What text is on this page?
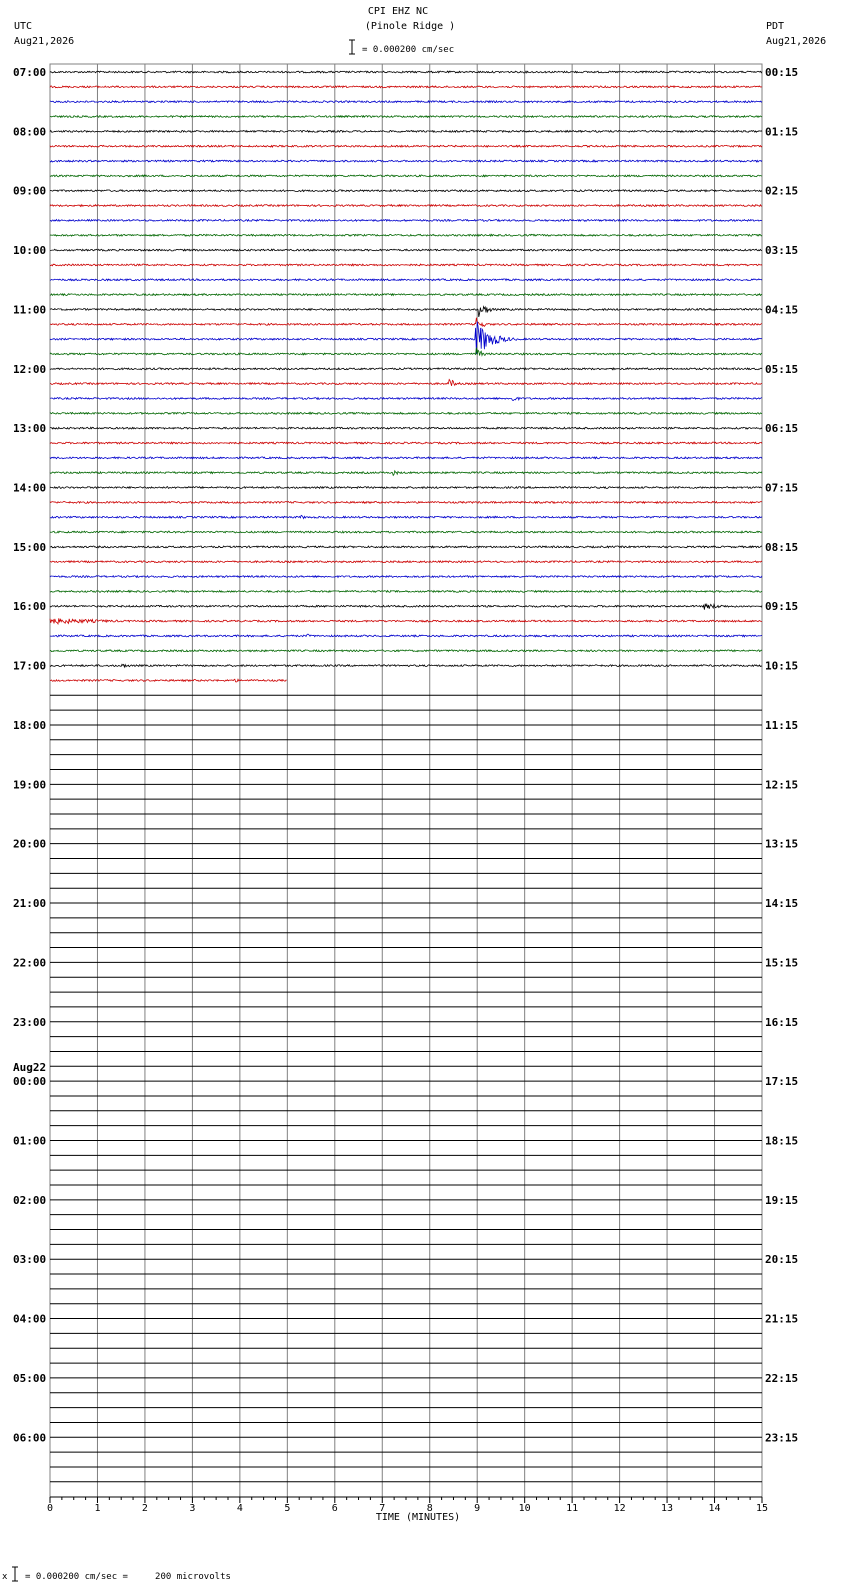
CPI EHZ NC
(Pinole Ridge )
UTC
Aug21,2026
PDT
Aug21,2026
= 0.000200 cm/sec
07:00
08:00
09:00
10:00
11:00
12:00
13:00
14:00
15:00
16:00
17:00
18:00
19:00
20:00
21:00
22:00
23:00
Aug22
00:00
01:00
02:00
03:00
04:00
05:00
06:00
00:15
01:15
02:15
03:15
04:15
05:15
06:15
07:15
08:15
09:15
10:15
11:15
12:15
13:15
14:15
15:15
16:15
17:15
18:15
19:15
20:15
21:15
22:15
23:15
0	1	2	3	4	5	6	7	8	9	10	11	12	13	14	15
TIME (MINUTES)
x = 0.000200 cm/sec =     200 microvolts
